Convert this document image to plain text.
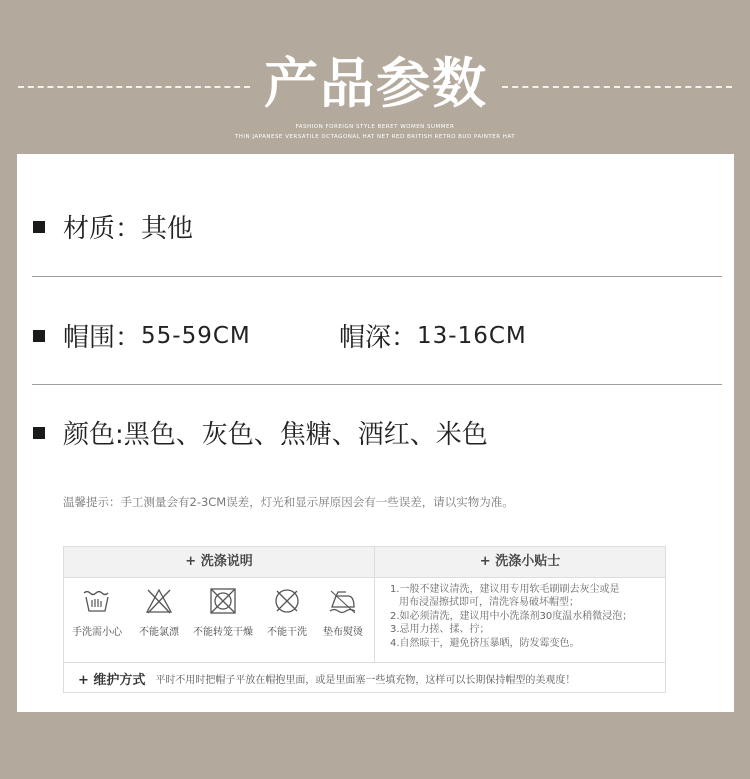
产品参数
FASHION FOREIGN STYLE BERET WOMEN SUMMER
THIN JAPANESE VERSATILE OCTAGONAL HAT NET RED BRITISH RETRO BUD PAINTER HAT
材质：其他
帽围： 55-59CM	帽深： 13-16CM
颜色:黑色、灰色、焦糖、酒红、米色
温馨提示：手工测量会有2-3CM误差，灯光和显示屏原因会有一些误差，请以实物为准。
+ 洗涤说明	+ 洗涤小贴士
手洗需小心	不能氯漂	不能转笼干燥	不能干洗	垫布熨烫

1.一般不建议清洗，建议用专用软毛刷刷去灰尘或是

用布浸湿擦拭即可，清洗容易破坏帽型；

2.如必须清洗，建议用中小洗涤剂30度温水稍微浸泡；

3.忌用力搓、揉、拧；

4.自然晾干，避免挤压暴晒，防发霉变色。

+ 维护方式 平时不用时把帽子平放在帽抱里面，或是里面塞一些填充物，这样可以长期保持帽型的美观度！
